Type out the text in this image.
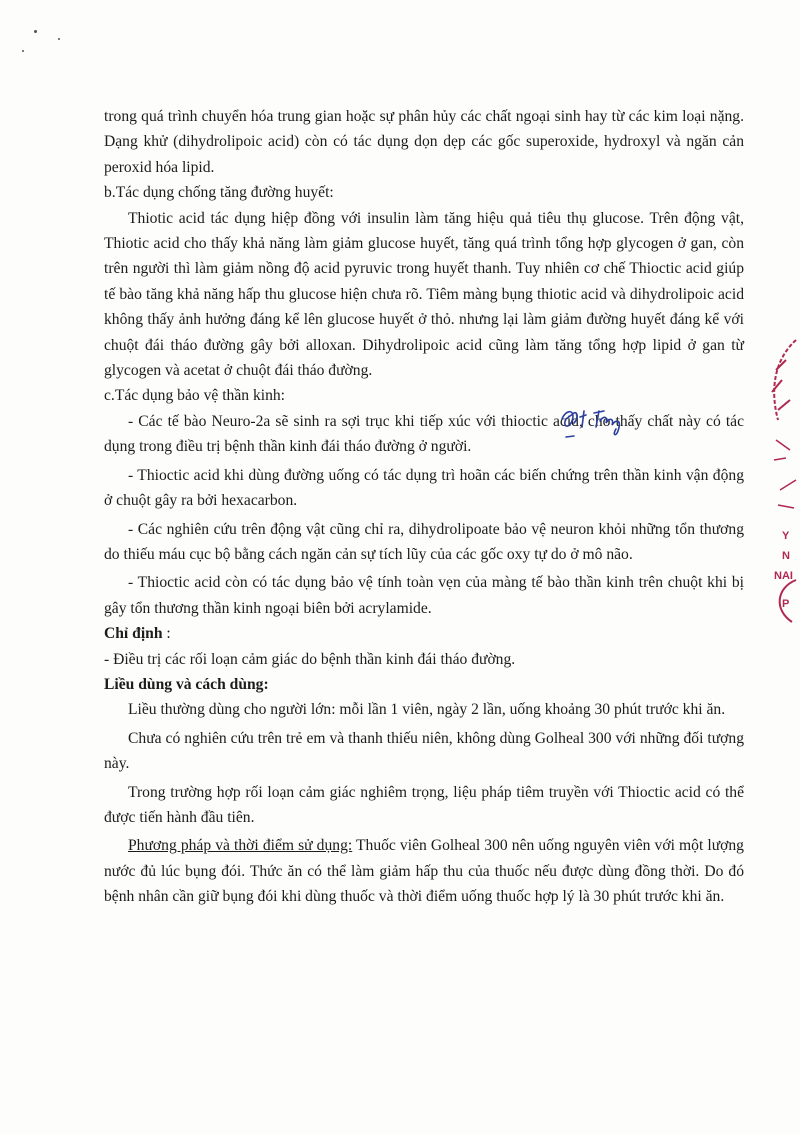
trong quá trình chuyển hóa trung gian hoặc sự phân hủy các chất ngoại sinh hay từ các kim loại nặng. Dạng khử (dihydrolipoic acid) còn có tác dụng dọn dẹp các gốc superoxide, hydroxyl và ngăn cản peroxid hóa lipid.

b.Tác dụng chống tăng đường huyết:

Thiotic acid tác dụng hiệp đồng với insulin làm tăng hiệu quả tiêu thụ glucose. Trên động vật, Thiotic acid cho thấy khả năng làm giảm glucose huyết, tăng quá trình tổng hợp glycogen ở gan, còn trên người thì làm giảm nồng độ acid pyruvic trong huyết thanh. Tuy nhiên cơ chế Thioctic acid giúp tế bào tăng khả năng hấp thu glucose hiện chưa rõ. Tiêm màng bụng thiotic acid và dihydrolipoic acid không thấy ảnh hưởng đáng kể lên glucose huyết ở thỏ. nhưng lại làm giảm đường huyết đáng kể với chuột đái tháo đường gây bởi alloxan. Dihydrolipoic acid cũng làm tăng tổng hợp lipid ở gan từ glycogen và acetat ở chuột đái tháo đường.

c.Tác dụng bảo vệ thần kinh:

- Các tế bào Neuro-2a sẽ sinh ra sợi trục khi tiếp xúc với thioctic acid, cho thấy chất này có tác dụng trong điều trị bệnh thần kinh đái tháo đường ở người.

- Thioctic acid khi dùng đường uống có tác dụng trì hoãn các biến chứng trên thần kinh vận động ở chuột gây ra bởi hexacarbon.

- Các nghiên cứu trên động vật cũng chỉ ra, dihydrolipoate bảo vệ neuron khỏi những tổn thương do thiếu máu cục bộ bằng cách ngăn cản sự tích lũy của các gốc oxy tự do ở mô não.

- Thioctic acid còn có tác dụng bảo vệ tính toàn vẹn của màng tế bào thần kinh trên chuột khi bị gây tổn thương thần kinh ngoại biên bởi acrylamide.

Chỉ định :

- Điều trị các rối loạn cảm giác do bệnh thần kinh đái tháo đường.

Liều dùng và cách dùng:

Liều thường dùng cho người lớn: mỗi lần 1 viên, ngày 2 lần, uống khoảng 30 phút trước khi ăn.

Chưa có nghiên cứu trên trẻ em và thanh thiếu niên, không dùng Golheal 300 với những đối tượng này.

Trong trường hợp rối loạn cảm giác nghiêm trọng, liệu pháp tiêm truyền với Thioctic acid có thể được tiến hành đầu tiên.

Phương pháp và thời điểm sử dụng: Thuốc viên Golheal 300 nên uống nguyên viên với một lượng nước đủ lúc bụng đói. Thức ăn có thể làm giảm hấp thu của thuốc nếu được dùng đồng thời. Do đó bệnh nhân cần giữ bụng đói khi dùng thuốc và thời điểm uống thuốc hợp lý là 30 phút trước khi ăn.

Y
N
NAI
P
